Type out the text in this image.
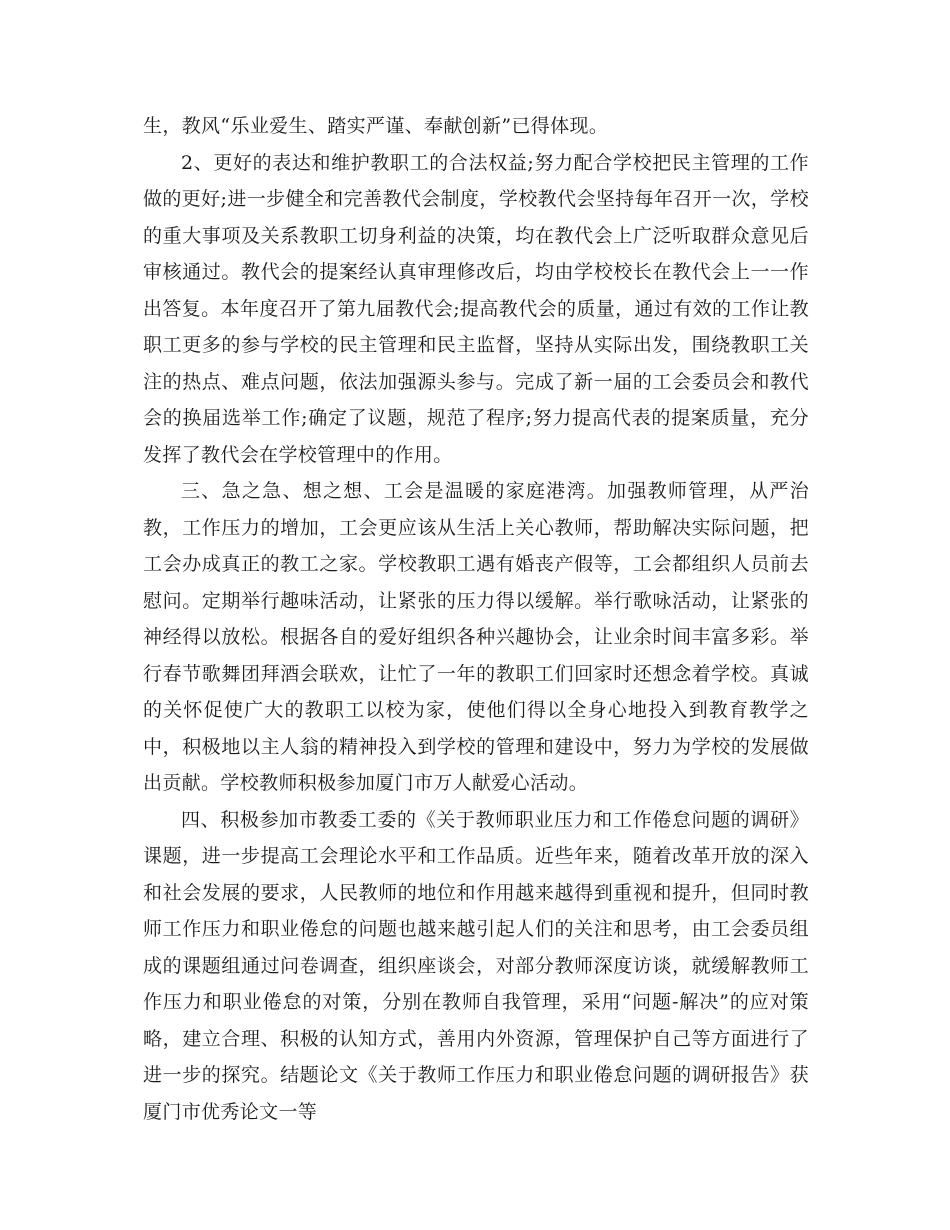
生，教风“乐业爱生、踏实严谨、奉献创新”已得体现。

2、更好的表达和维护教职工的合法权益;努力配合学校把民主管理的工作做的更好;进一步健全和完善教代会制度，学校教代会坚持每年召开一次，学校的重大事项及关系教职工切身利益的决策，均在教代会上广泛听取群众意见后审核通过。教代会的提案经认真审理修改后，均由学校校长在教代会上一一作出答复。本年度召开了第九届教代会;提高教代会的质量，通过有效的工作让教职工更多的参与学校的民主管理和民主监督，坚持从实际出发，围绕教职工关注的热点、难点问题，依法加强源头参与。完成了新一届的工会委员会和教代会的换届选举工作;确定了议题，规范了程序;努力提高代表的提案质量，充分发挥了教代会在学校管理中的作用。

三、急之急、想之想、工会是温暖的家庭港湾。加强教师管理，从严治教，工作压力的增加，工会更应该从生活上关心教师，帮助解决实际问题，把工会办成真正的教工之家。学校教职工遇有婚丧产假等，工会都组织人员前去慰问。定期举行趣味活动，让紧张的压力得以缓解。举行歌咏活动，让紧张的神经得以放松。根据各自的爱好组织各种兴趣协会，让业余时间丰富多彩。举行春节歌舞团拜酒会联欢，让忙了一年的教职工们回家时还想念着学校。真诚的关怀促使广大的教职工以校为家，使他们得以全身心地投入到教育教学之中，积极地以主人翁的精神投入到学校的管理和建设中，努力为学校的发展做出贡献。学校教师积极参加厦门市万人献爱心活动。

四、积极参加市教委工委的《关于教师职业压力和工作倦怠问题的调研》课题，进一步提高工会理论水平和工作品质。近些年来，随着改革开放的深入和社会发展的要求，人民教师的地位和作用越来越得到重视和提升，但同时教师工作压力和职业倦怠的问题也越来越引起人们的关注和思考，由工会委员组成的课题组通过问卷调查，组织座谈会，对部分教师深度访谈，就缓解教师工作压力和职业倦怠的对策，分别在教师自我管理，采用“问题-解决”的应对策略，建立合理、积极的认知方式，善用内外资源，管理保护自己等方面进行了进一步的探究。结题论文《关于教师工作压力和职业倦怠问题的调研报告》获厦门市优秀论文一等
